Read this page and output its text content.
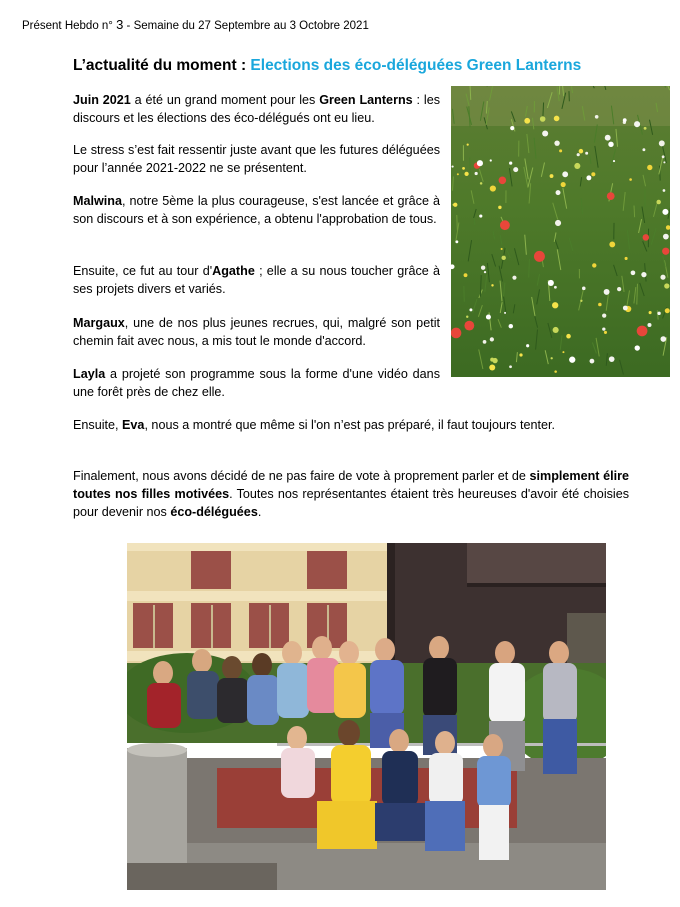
Présent Hebdo n° 3 - Semaine du 27 Septembre au 3 Octobre 2021
L’actualité du moment : Elections des éco-déléguées Green Lanterns

Juin 2021 a été un grand moment pour les Green Lanterns : les discours et les élections des éco-délégués ont eu lieu.

Le stress s’est fait ressentir juste avant que les futures déléguées pour l’année 2021-2022 ne se présentent.

Malwina, notre 5ème la plus courageuse, s'est lancée et grâce à son discours et à son expérience, a obtenu l'approbation de tous.

Ensuite, ce fut au tour d'Agathe ; elle a su nous toucher grâce à ses projets divers et variés.

Margaux, une de nos plus jeunes recrues, qui, malgré son petit chemin fait avec nous, a mis tout le monde d'accord.

Layla a projeté son programme sous la forme d'une vidéo dans une forêt près de chez elle.

Ensuite, Eva, nous a montré que même si l'on n’est pas préparé, il faut toujours tenter.

Finalement, nous avons décidé de ne pas faire de vote à proprement parler et de simplement élire toutes nos filles motivées. Toutes nos représentantes étaient très heureuses d'avoir été choisies pour devenir nos éco-déléguées.
